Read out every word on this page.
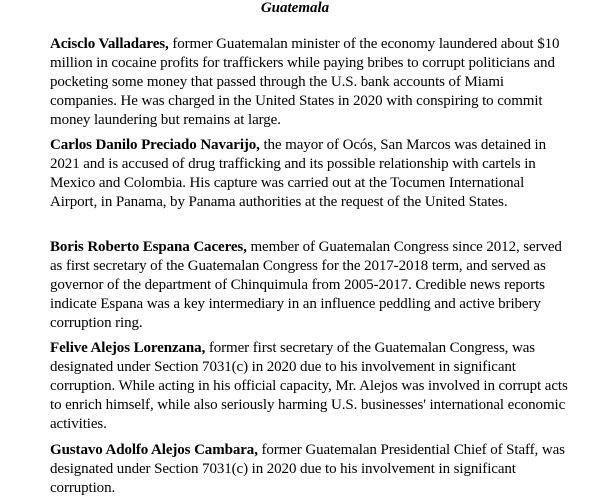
Guatemala

Acisclo Valladares, former Guatemalan minister of the economy laundered about $10 million in cocaine profits for traffickers while paying bribes to corrupt politicians and pocketing some money that passed through the U.S. bank accounts of Miami companies. He was charged in the United States in 2020 with conspiring to commit money laundering but remains at large.

Carlos Danilo Preciado Navarijo, the mayor of Ocós, San Marcos was detained in 2021 and is accused of drug trafficking and its possible relationship with cartels in Mexico and Colombia. His capture was carried out at the Tocumen International Airport, in Panama, by Panama authorities at the request of the United States.

Boris Roberto Espana Caceres, member of Guatemalan Congress since 2012, served as first secretary of the Guatemalan Congress for the 2017-2018 term, and served as governor of the department of Chinquimula from 2005-2017. Credible news reports indicate Espana was a key intermediary in an influence peddling and active bribery corruption ring.

Felive Alejos Lorenzana, former first secretary of the Guatemalan Congress, was designated under Section 7031(c) in 2020 due to his involvement in significant corruption. While acting in his official capacity, Mr. Alejos was involved in corrupt acts to enrich himself, while also seriously harming U.S. businesses' international economic activities.

Gustavo Adolfo Alejos Cambara, former Guatemalan Presidential Chief of Staff, was designated under Section 7031(c) in 2020 due to his involvement in significant corruption.
